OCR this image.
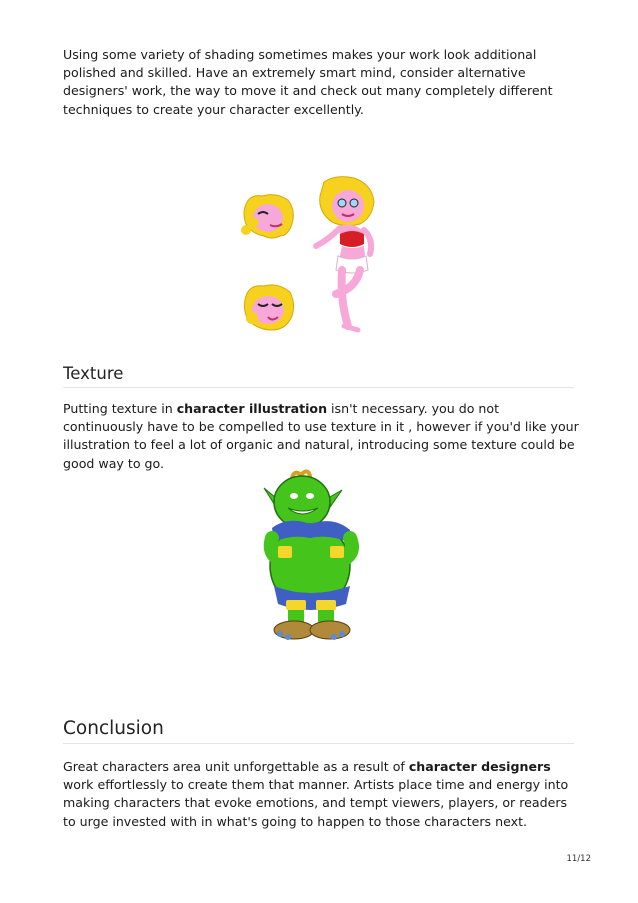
Using some variety of shading sometimes makes your work look additional polished and skilled. Have an extremely smart mind, consider alternative designers' work, the way to move it and check out many completely different techniques to create your character excellently.

Texture

Putting texture in character illustration isn't necessary. you do not continuously have to be compelled to use texture in it , however if you'd like your illustration to feel a lot of organic and natural, introducing some texture could be good way to go.

Conclusion

Great characters area unit unforgettable as a result of character designers work effortlessly to create them that manner. Artists place time and energy into making characters that evoke emotions, and tempt viewers, players, or readers to urge invested with in what's going to happen to those characters next.

11/12
